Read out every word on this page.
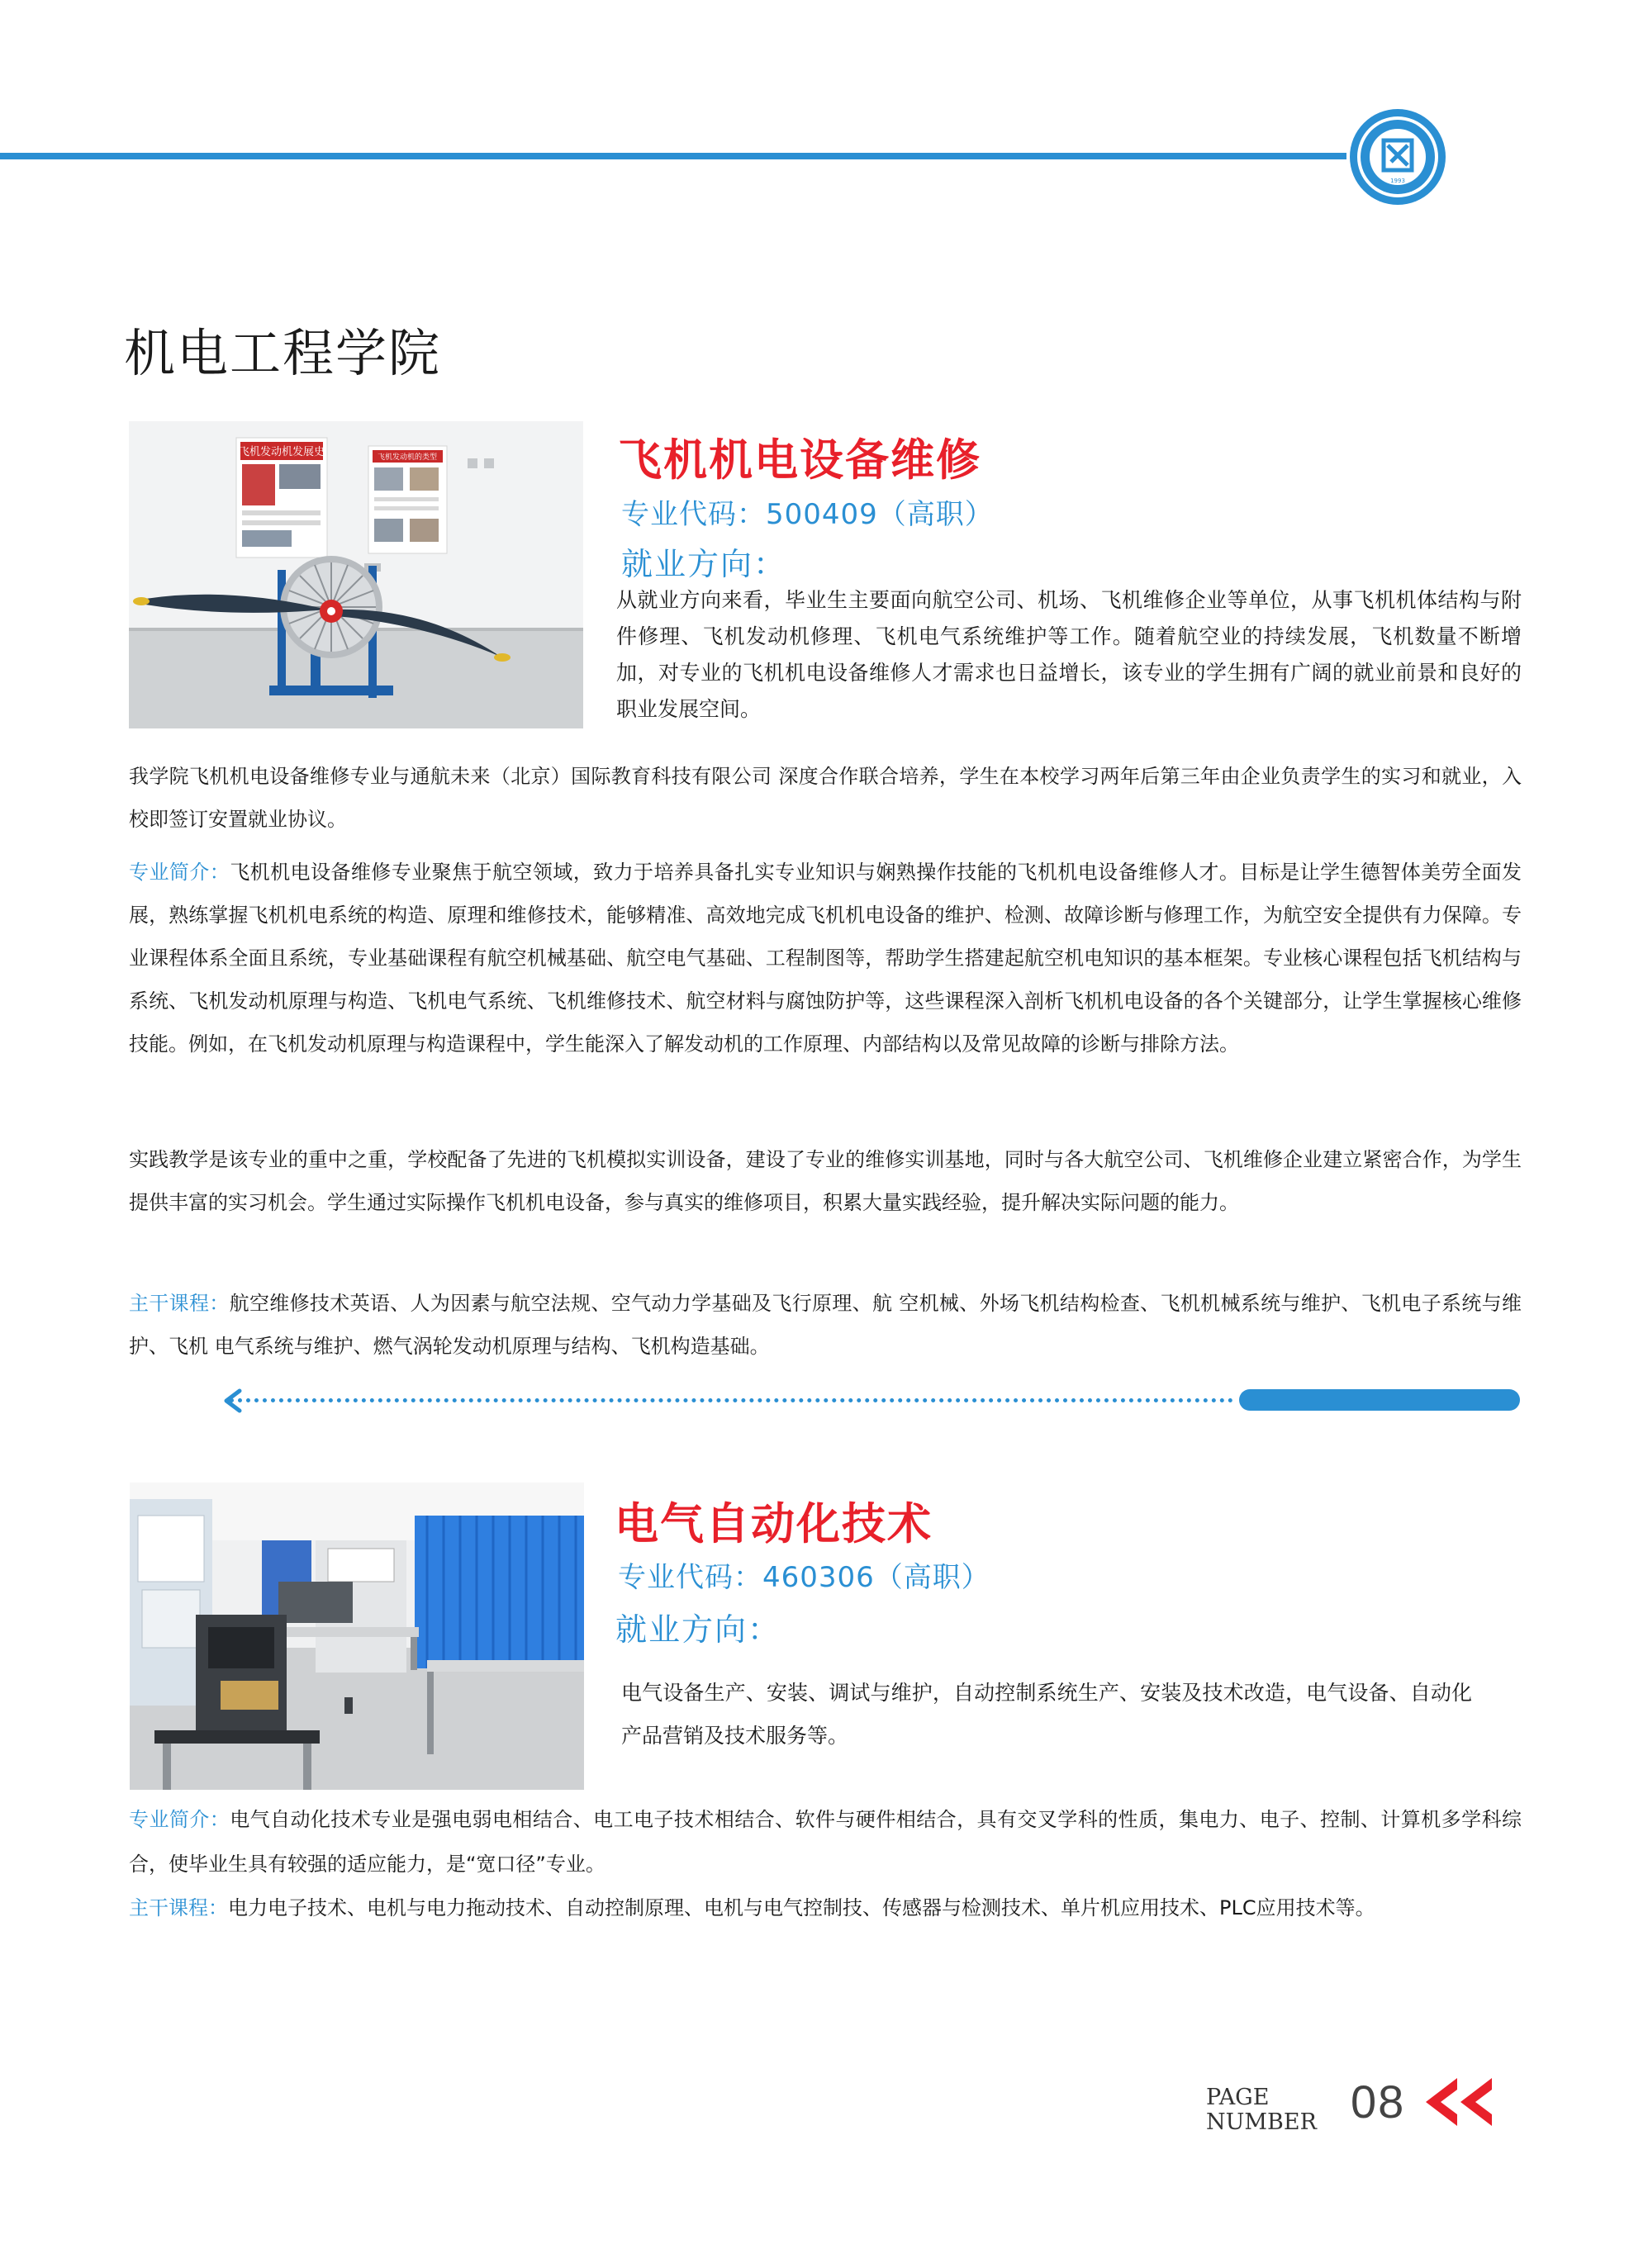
1993
机电工程学院
飞机发动机发展史	飞机发动机的类型	飞机机电设备维修
专业代码：500409（高职）
就业方向：
从就业方向来看，毕业生主要面向航空公司、机场、飞机维修企业等单位，从事飞机机体结构与附件修理、飞机发动机修理、飞机电气系统维护等工作。随着航空业的持续发展，飞机数量不断增加，对专业的飞机机电设备维修人才需求也日益增长，该专业的学生拥有广阔的就业前景和良好的职业发展空间。
我学院飞机机电设备维修专业与通航未来（北京）国际教育科技有限公司 深度合作联合培养，学生在本校学习两年后第三年由企业负责学生的实习和就业，入校即签订安置就业协议。
专业简介：飞机机电设备维修专业聚焦于航空领域，致力于培养具备扎实专业知识与娴熟操作技能的飞机机电设备维修人才。目标是让学生德智体美劳全面发展，熟练掌握飞机机电系统的构造、原理和维修技术，能够精准、高效地完成飞机机电设备的维护、检测、故障诊断与修理工作，为航空安全提供有力保障。专业课程体系全面且系统，专业基础课程有航空机械基础、航空电气基础、工程制图等，帮助学生搭建起航空机电知识的基本框架。专业核心课程包括飞机结构与系统、飞机发动机原理与构造、飞机电气系统、飞机维修技术、航空材料与腐蚀防护等，这些课程深入剖析飞机机电设备的各个关键部分，让学生掌握核心维修技能。例如，在飞机发动机原理与构造课程中，学生能深入了解发动机的工作原理、内部结构以及常见故障的诊断与排除方法。
实践教学是该专业的重中之重，学校配备了先进的飞机模拟实训设备，建设了专业的维修实训基地，同时与各大航空公司、飞机维修企业建立紧密合作，为学生提供丰富的实习机会。学生通过实际操作飞机机电设备，参与真实的维修项目，积累大量实践经验，提升解决实际问题的能力。
主干课程：航空维修技术英语、人为因素与航空法规、空气动力学基础及飞行原理、航 空机械、外场飞机结构检查、飞机机械系统与维护、飞机电子系统与维护、飞机 电气系统与维护、燃气涡轮发动机原理与结构、飞机构造基础。
电气自动化技术
专业代码：460306（高职）
就业方向：
电气设备生产、安装、调试与维护，自动控制系统生产、安装及技术改造，电气设备、自动化产品营销及技术服务等。
专业简介：电气自动化技术专业是强电弱电相结合、电工电子技术相结合、软件与硬件相结合，具有交叉学科的性质，集电力、电子、控制、计算机多学科综合，使毕业生具有较强的适应能力，是“宽口径”专业。
主干课程：电力电子技术、电机与电力拖动技术、自动控制原理、电机与电气控制技、传感器与检测技术、单片机应用技术、PLC应用技术等。
PAGE
NUMBER 08
